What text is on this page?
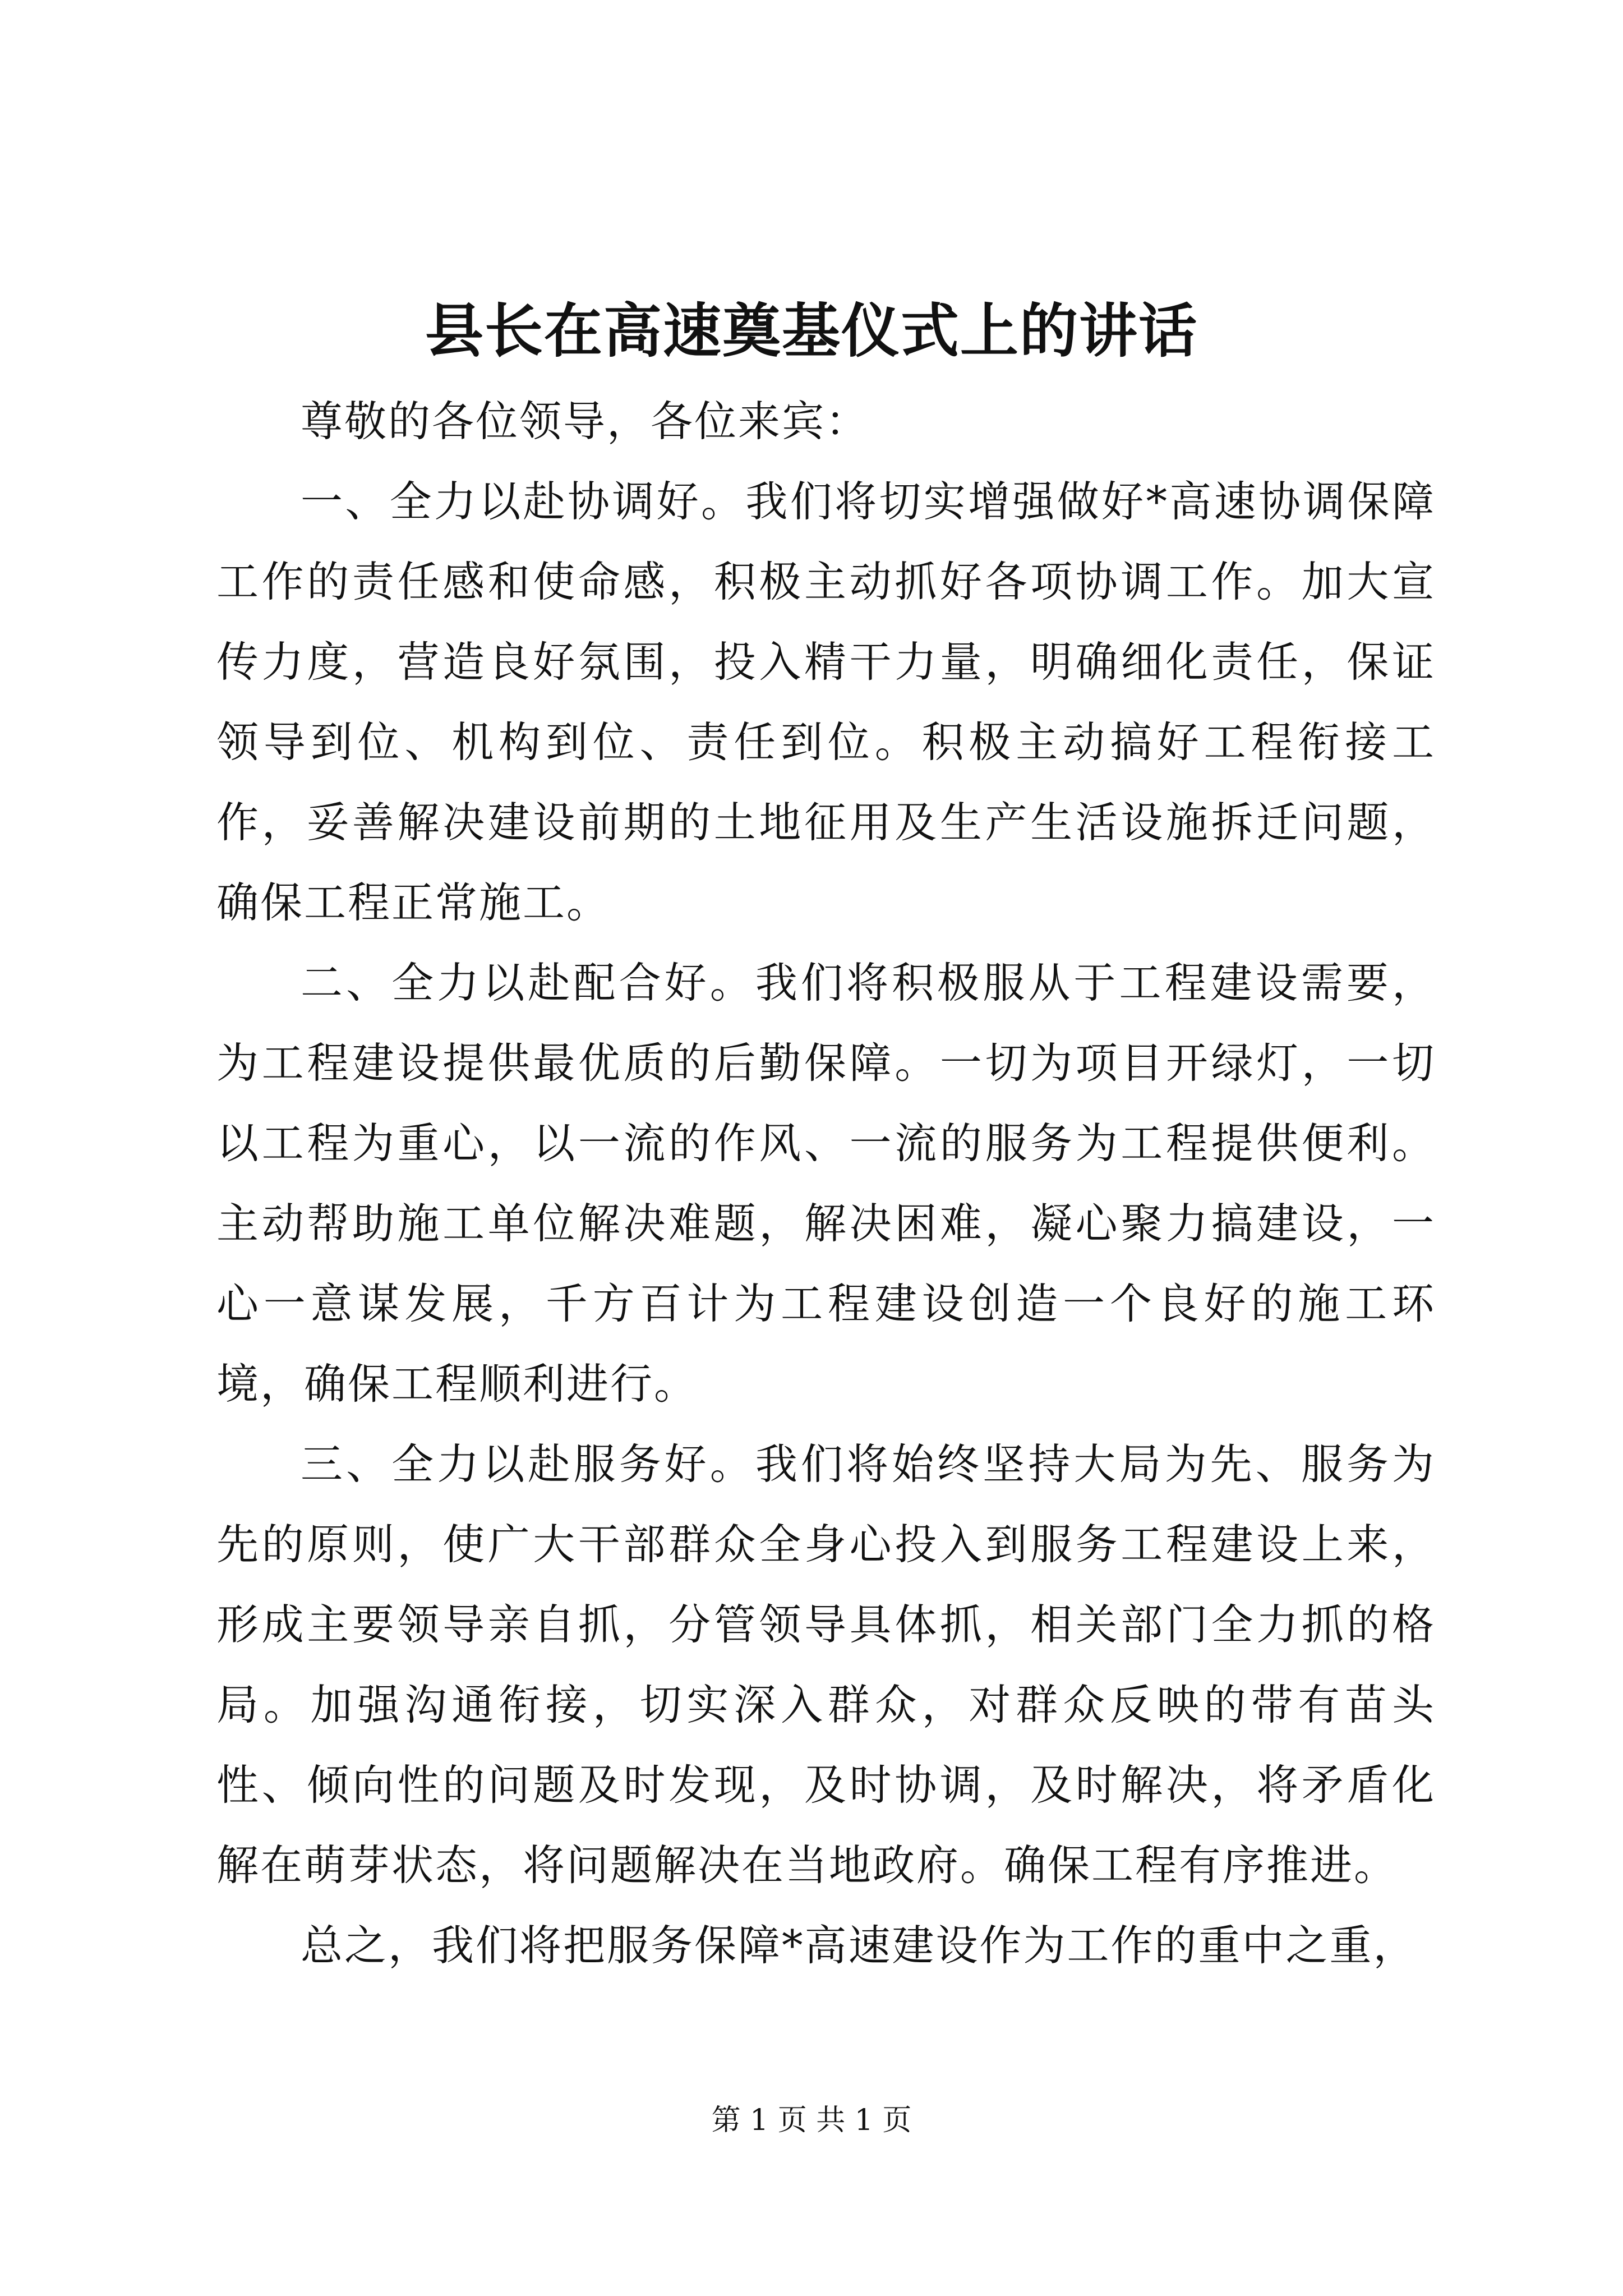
县长在高速奠基仪式上的讲话

尊敬的各位领导，各位来宾：

一、全力以赴协调好。我们将切实增强做好*高速协调保障工作的责任感和使命感，积极主动抓好各项协调工作。加大宣传力度，营造良好氛围，投入精干力量，明确细化责任，保证领导到位、机构到位、责任到位。积极主动搞好工程衔接工作，妥善解决建设前期的土地征用及生产生活设施拆迁问题，确保工程正常施工。

二、全力以赴配合好。我们将积极服从于工程建设需要，为工程建设提供最优质的后勤保障。一切为项目开绿灯，一切以工程为重心，以一流的作风、一流的服务为工程提供便利。主动帮助施工单位解决难题，解决困难，凝心聚力搞建设，一心一意谋发展，千方百计为工程建设创造一个良好的施工环境，确保工程顺利进行。

三、全力以赴服务好。我们将始终坚持大局为先、服务为先的原则，使广大干部群众全身心投入到服务工程建设上来，形成主要领导亲自抓，分管领导具体抓，相关部门全力抓的格局。加强沟通衔接，切实深入群众，对群众反映的带有苗头性、倾向性的问题及时发现，及时协调，及时解决，将矛盾化解在萌芽状态，将问题解决在当地政府。确保工程有序推进。

总之，我们将把服务保障*高速建设作为工作的重中之重，

第 1 页 共 1 页
